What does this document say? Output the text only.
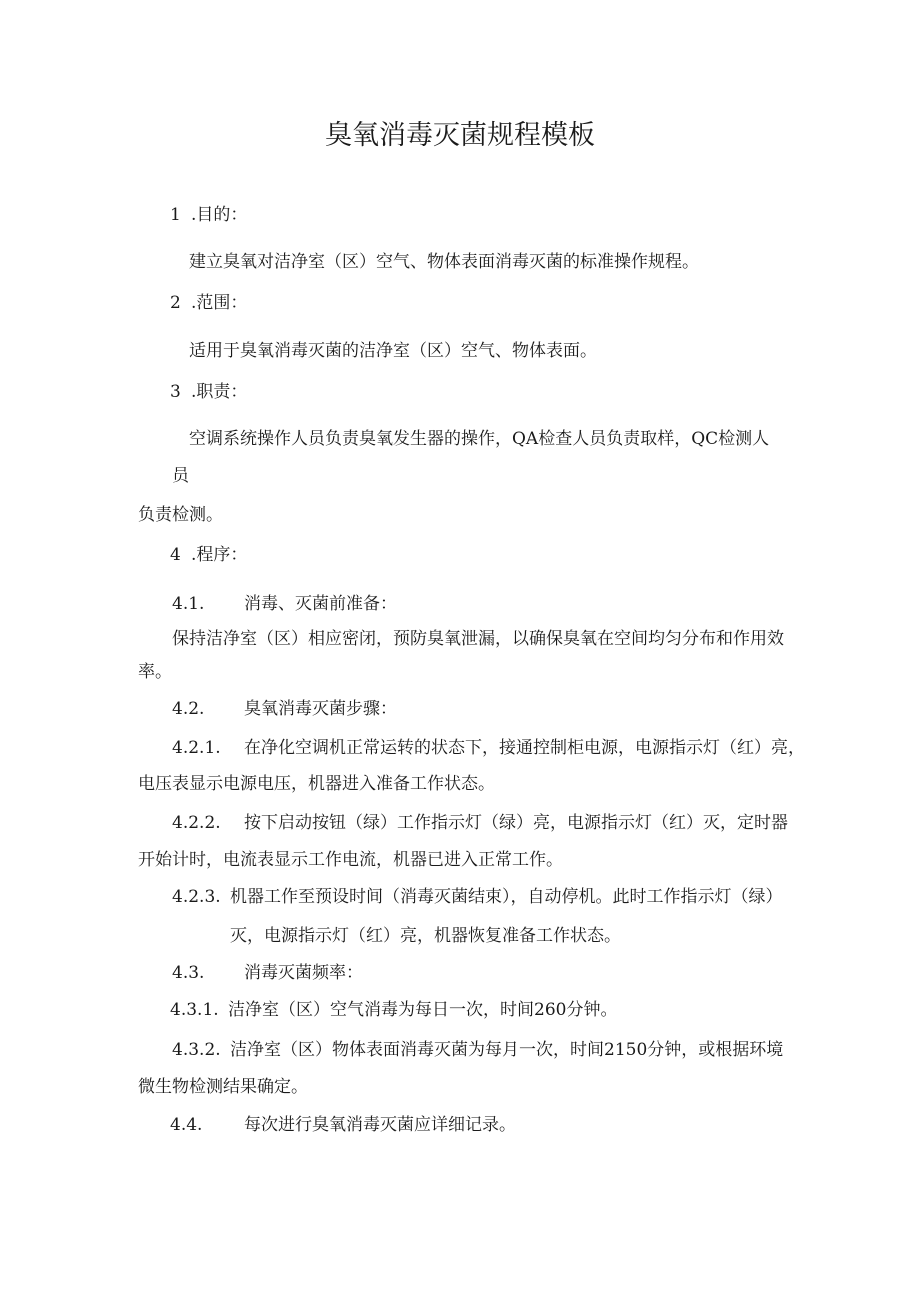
臭氧消毒灭菌规程模板
1 .目的：
建立臭氧对洁净室（区）空气、物体表面消毒灭菌的标准操作规程。
2 .范围：
适用于臭氧消毒灭菌的洁净室（区）空气、物体表面。
3 .职责：
空调系统操作人员负责臭氧发生器的操作，QA检查人员负责取样，QC检测人
员
负责检测。
4 .程序：
4.1. 消毒、灭菌前准备：
保持洁净室（区）相应密闭，预防臭氧泄漏，以确保臭氧在空间均匀分布和作用效
率。
4.2. 臭氧消毒灭菌步骤：
4.2.1. 在净化空调机正常运转的状态下，接通控制柜电源，电源指示灯（红）亮，
电压表显示电源电压，机器进入准备工作状态。
4.2.2. 按下启动按钮（绿）工作指示灯（绿）亮，电源指示灯（红）灭，定时器
开始计时，电流表显示工作电流，机器已进入正常工作。
4.2.3. 机器工作至预设时间（消毒灭菌结束），自动停机。此时工作指示灯（绿）
灭，电源指示灯（红）亮，机器恢复准备工作状态。
4.3. 消毒灭菌频率：
4.3.1. 洁净室（区）空气消毒为每日一次，时间260分钟。
4.3.2. 洁净室（区）物体表面消毒灭菌为每月一次，时间2150分钟，或根据环境
微生物检测结果确定。
4.4. 每次进行臭氧消毒灭菌应详细记录。
